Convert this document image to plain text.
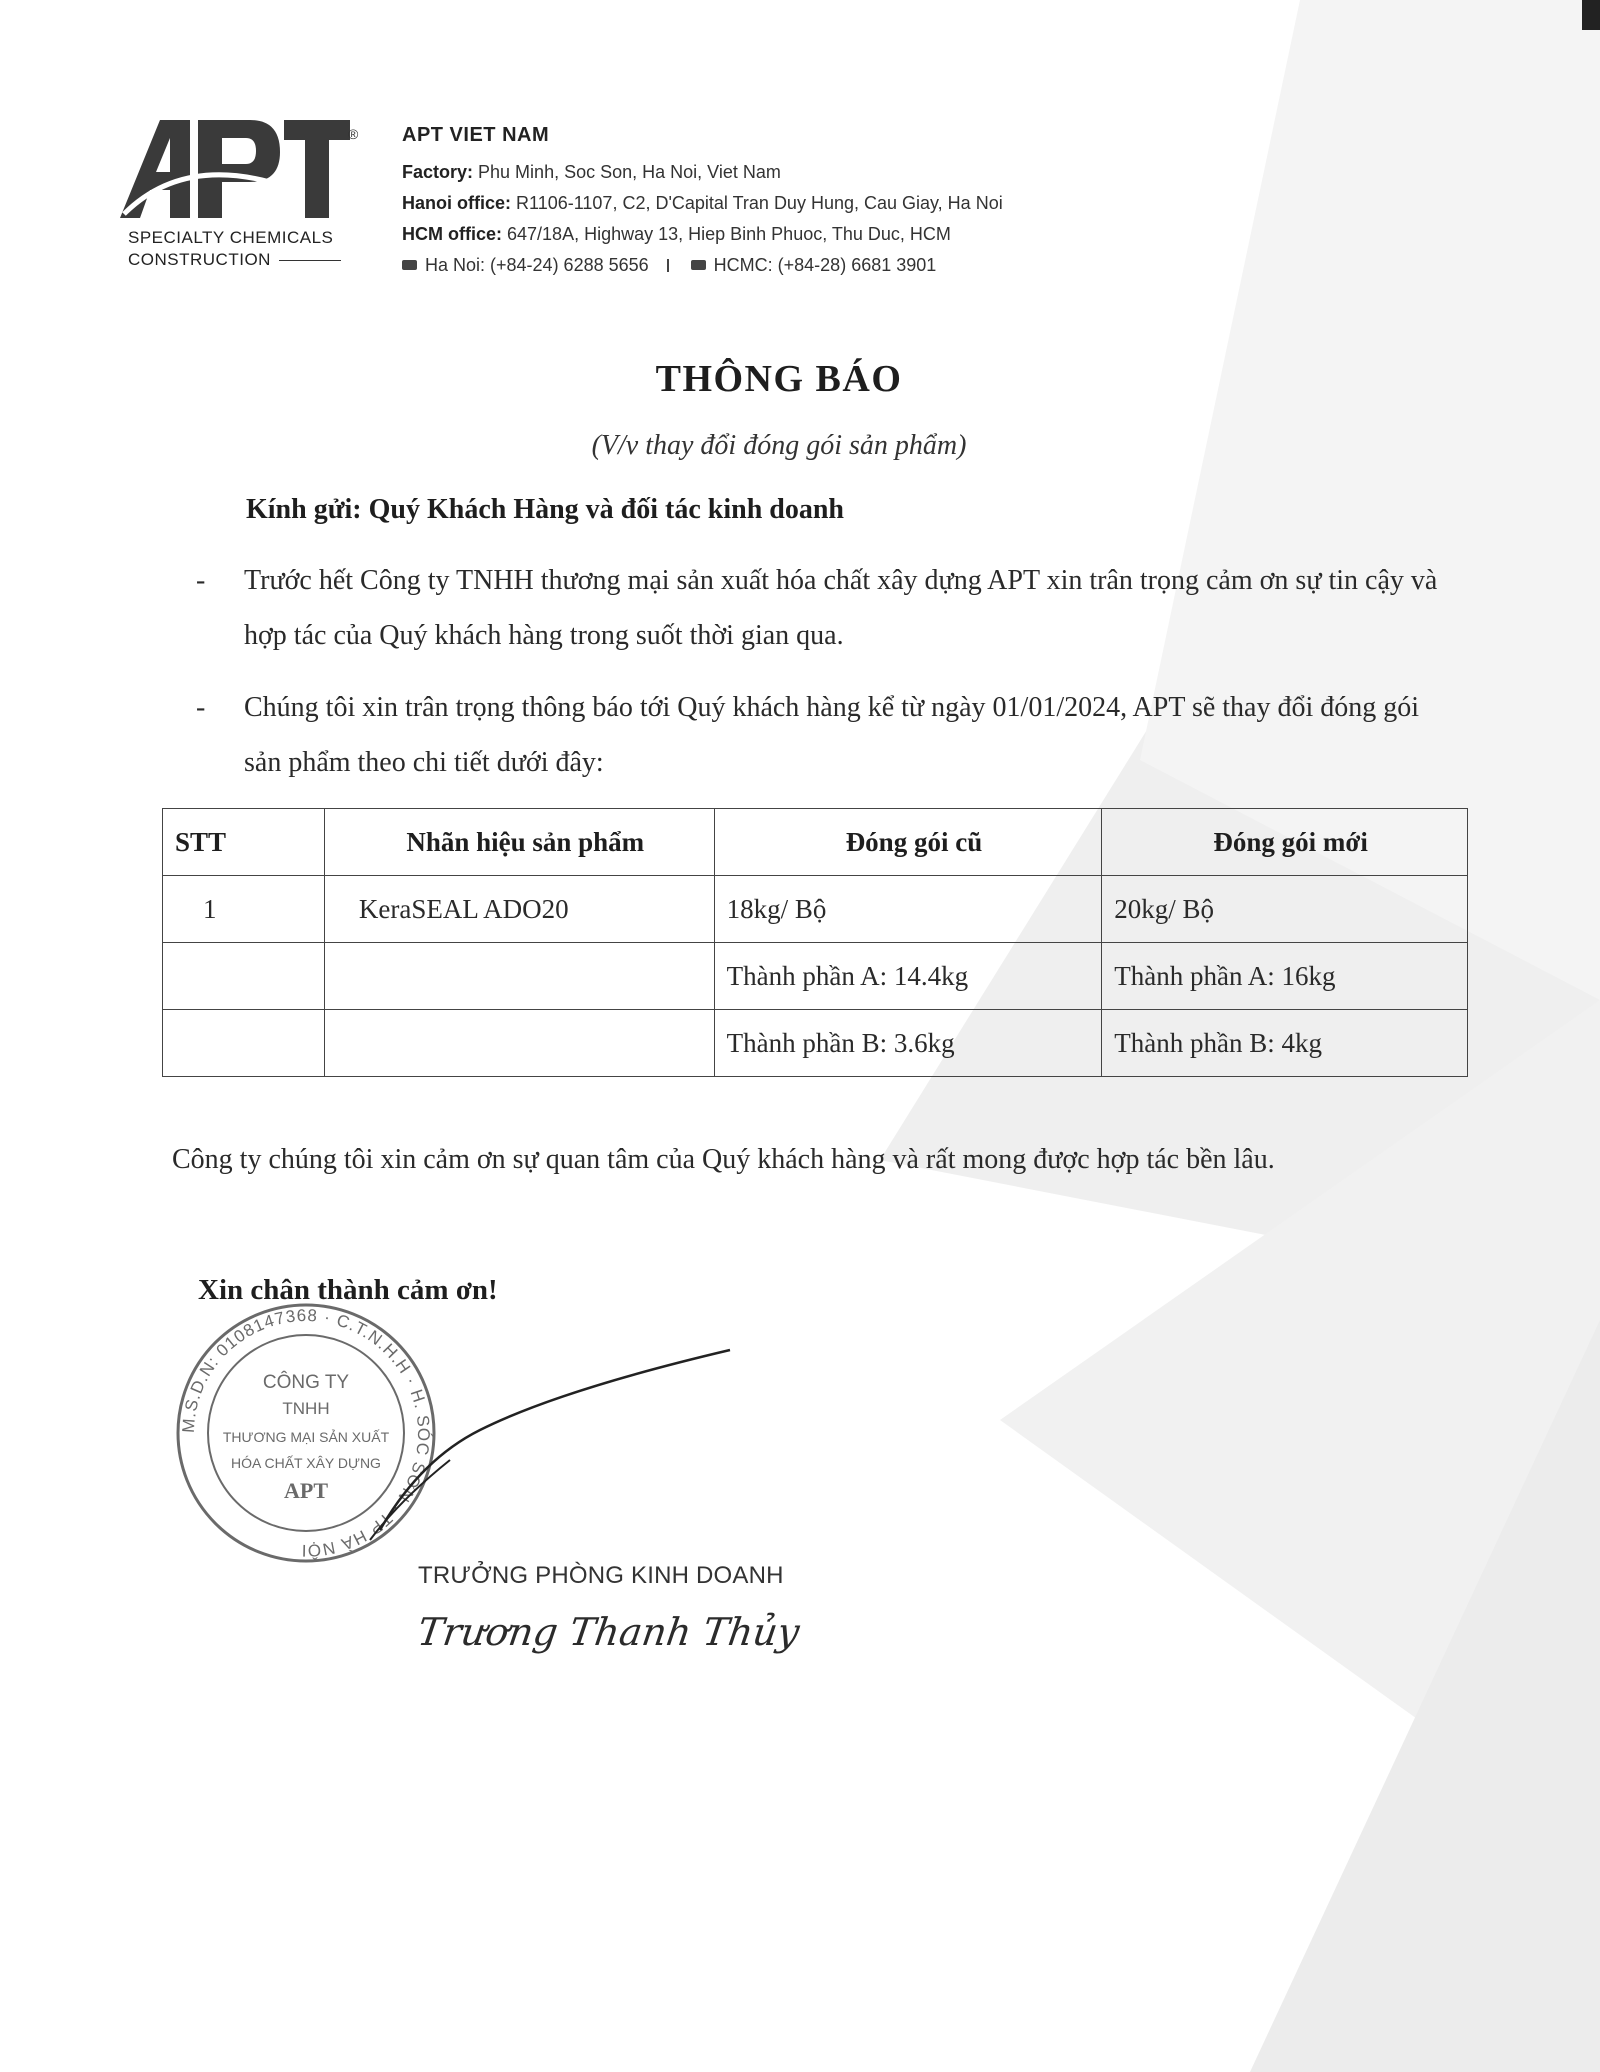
®
SPECIALTY CHEMICALS
CONSTRUCTION
APT VIET NAM
Factory: Phu Minh, Soc Son, Ha Noi, Viet Nam
Hanoi office: R1106-1107, C2, D'Capital Tran Duy Hung, Cau Giay, Ha Noi
HCM office: 647/18A, Highway 13, Hiep Binh Phuoc, Thu Duc, HCM
Ha Noi: (+84-24) 6288 5656	HCMC: (+84-28) 6681 3901
THÔNG BÁO
(V/v thay đổi đóng gói sản phẩm)
Kính gửi: Quý Khách Hàng và đối tác kinh doanh
- Trước hết Công ty TNHH thương mại sản xuất hóa chất xây dựng APT xin trân trọng cảm ơn sự tin cậy và hợp tác của Quý khách hàng trong suốt thời gian qua.
- Chúng tôi xin trân trọng thông báo tới Quý khách hàng kể từ ngày 01/01/2024, APT sẽ thay đổi đóng gói sản phẩm theo chi tiết dưới đây:
STT	Nhãn hiệu sản phẩm	Đóng gói cũ	Đóng gói mới
1	KeraSEAL ADO20	18kg/ Bộ	20kg/ Bộ
		Thành phần A: 14.4kg	Thành phần A: 16kg
		Thành phần B: 3.6kg	Thành phần B: 4kg
Công ty chúng tôi xin cảm ơn sự quan tâm của Quý khách hàng và rất mong được hợp tác bền lâu.
Xin chân thành cảm ơn!
M.S.D.N: 0108147368 · C.T.N.H.H · H. SÓC SƠN · TP HÀ NỘI
CÔNG TY
TNHH
THƯƠNG MẠI SẢN XUẤT
HÓA CHẤT XÂY DỰNG
APT
TRƯỞNG PHÒNG KINH DOANH
Trương Thanh Thủy
